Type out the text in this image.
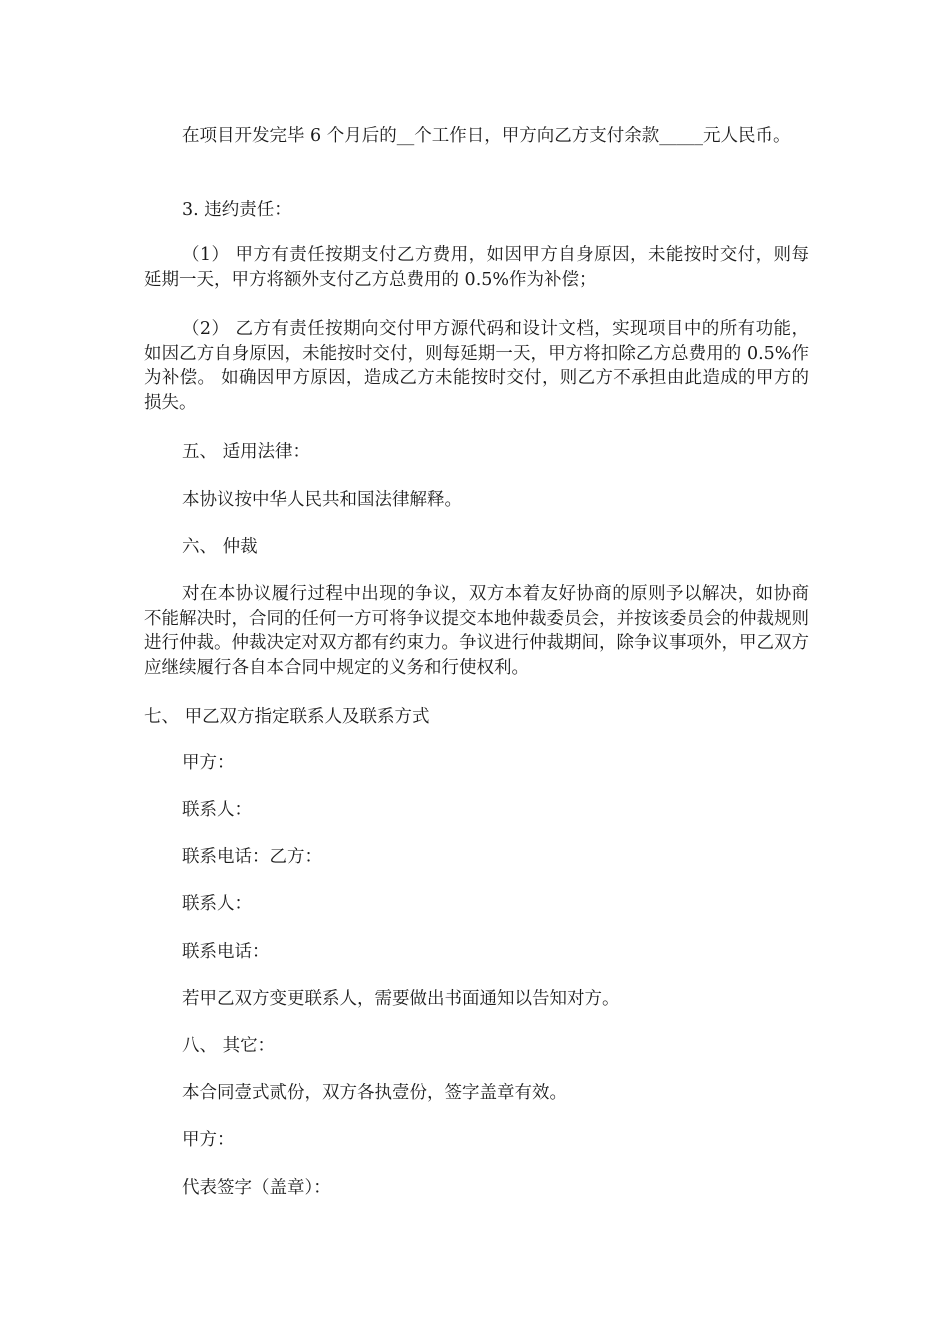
在项目开发完毕 6 个月后的__个工作日，甲方向乙方支付余款_____元人民币。

3. 违约责任：

（1） 甲方有责任按期支付乙方费用，如因甲方自身原因，未能按时交付，则每延期一天，甲方将额外支付乙方总费用的 0.5%作为补偿；

（2） 乙方有责任按期向交付甲方源代码和设计文档，实现项目中的所有功能，如因乙方自身原因，未能按时交付，则每延期一天，甲方将扣除乙方总费用的 0.5%作为补偿。 如确因甲方原因，造成乙方未能按时交付，则乙方不承担由此造成的甲方的损失。

五、 适用法律：

本协议按中华人民共和国法律解释。

六、 仲裁

对在本协议履行过程中出现的争议，双方本着友好协商的原则予以解决，如协商不能解决时，合同的任何一方可将争议提交本地仲裁委员会，并按该委员会的仲裁规则进行仲裁。仲裁决定对双方都有约束力。争议进行仲裁期间，除争议事项外，甲乙双方应继续履行各自本合同中规定的义务和行使权利。

七、 甲乙双方指定联系人及联系方式

甲方：

联系人：

联系电话：乙方：

联系人：

联系电话：

若甲乙双方变更联系人，需要做出书面通知以告知对方。

八、 其它：

本合同壹式贰份，双方各执壹份，签字盖章有效。

甲方：

代表签字（盖章）：
